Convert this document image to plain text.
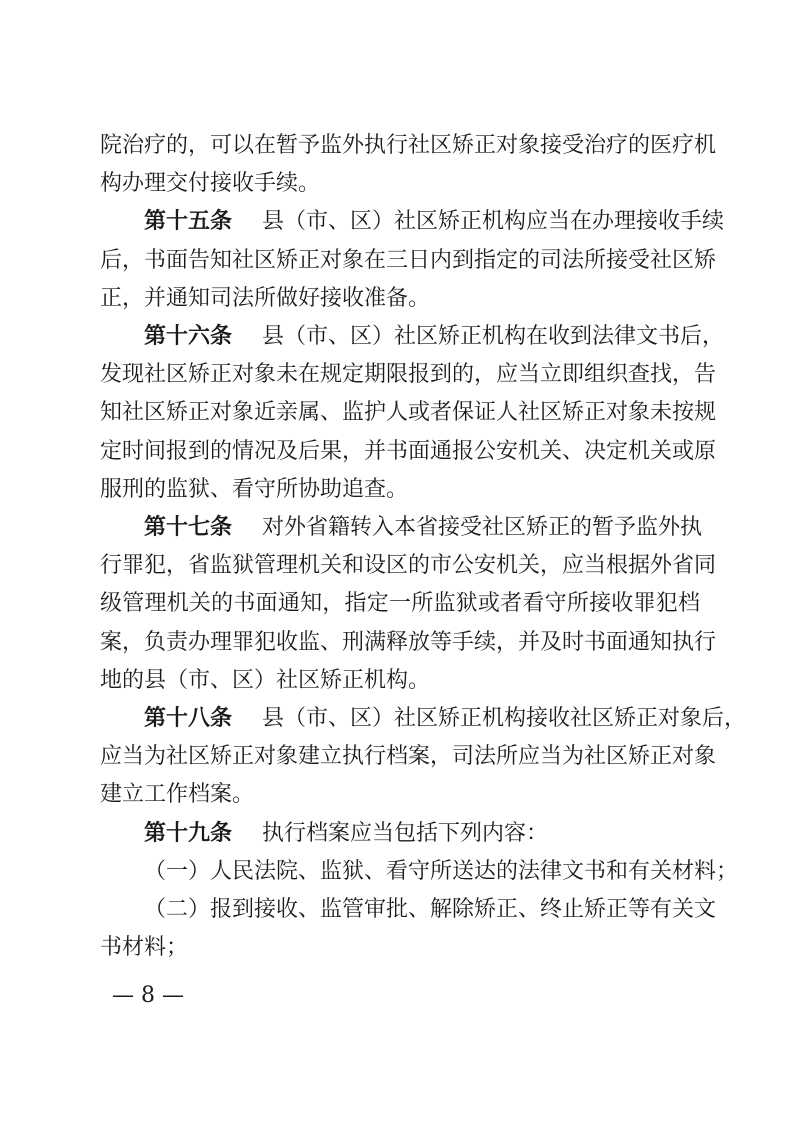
院治疗的，可以在暂予监外执行社区矫正对象接受治疗的医疗机
构办理交付接收手续。
第十五条 县（市、区）社区矫正机构应当在办理接收手续
后，书面告知社区矫正对象在三日内到指定的司法所接受社区矫
正，并通知司法所做好接收准备。
第十六条 县（市、区）社区矫正机构在收到法律文书后，
发现社区矫正对象未在规定期限报到的，应当立即组织查找，告
知社区矫正对象近亲属、监护人或者保证人社区矫正对象未按规
定时间报到的情况及后果，并书面通报公安机关、决定机关或原
服刑的监狱、看守所协助追查。
第十七条 对外省籍转入本省接受社区矫正的暂予监外执
行罪犯，省监狱管理机关和设区的市公安机关，应当根据外省同
级管理机关的书面通知，指定一所监狱或者看守所接收罪犯档
案，负责办理罪犯收监、刑满释放等手续，并及时书面通知执行
地的县（市、区）社区矫正机构。
第十八条 县（市、区）社区矫正机构接收社区矫正对象后，
应当为社区矫正对象建立执行档案，司法所应当为社区矫正对象
建立工作档案。
第十九条 执行档案应当包括下列内容：
（一）人民法院、监狱、看守所送达的法律文书和有关材料；
（二）报到接收、监管审批、解除矫正、终止矫正等有关文
书材料；
— 8 —
